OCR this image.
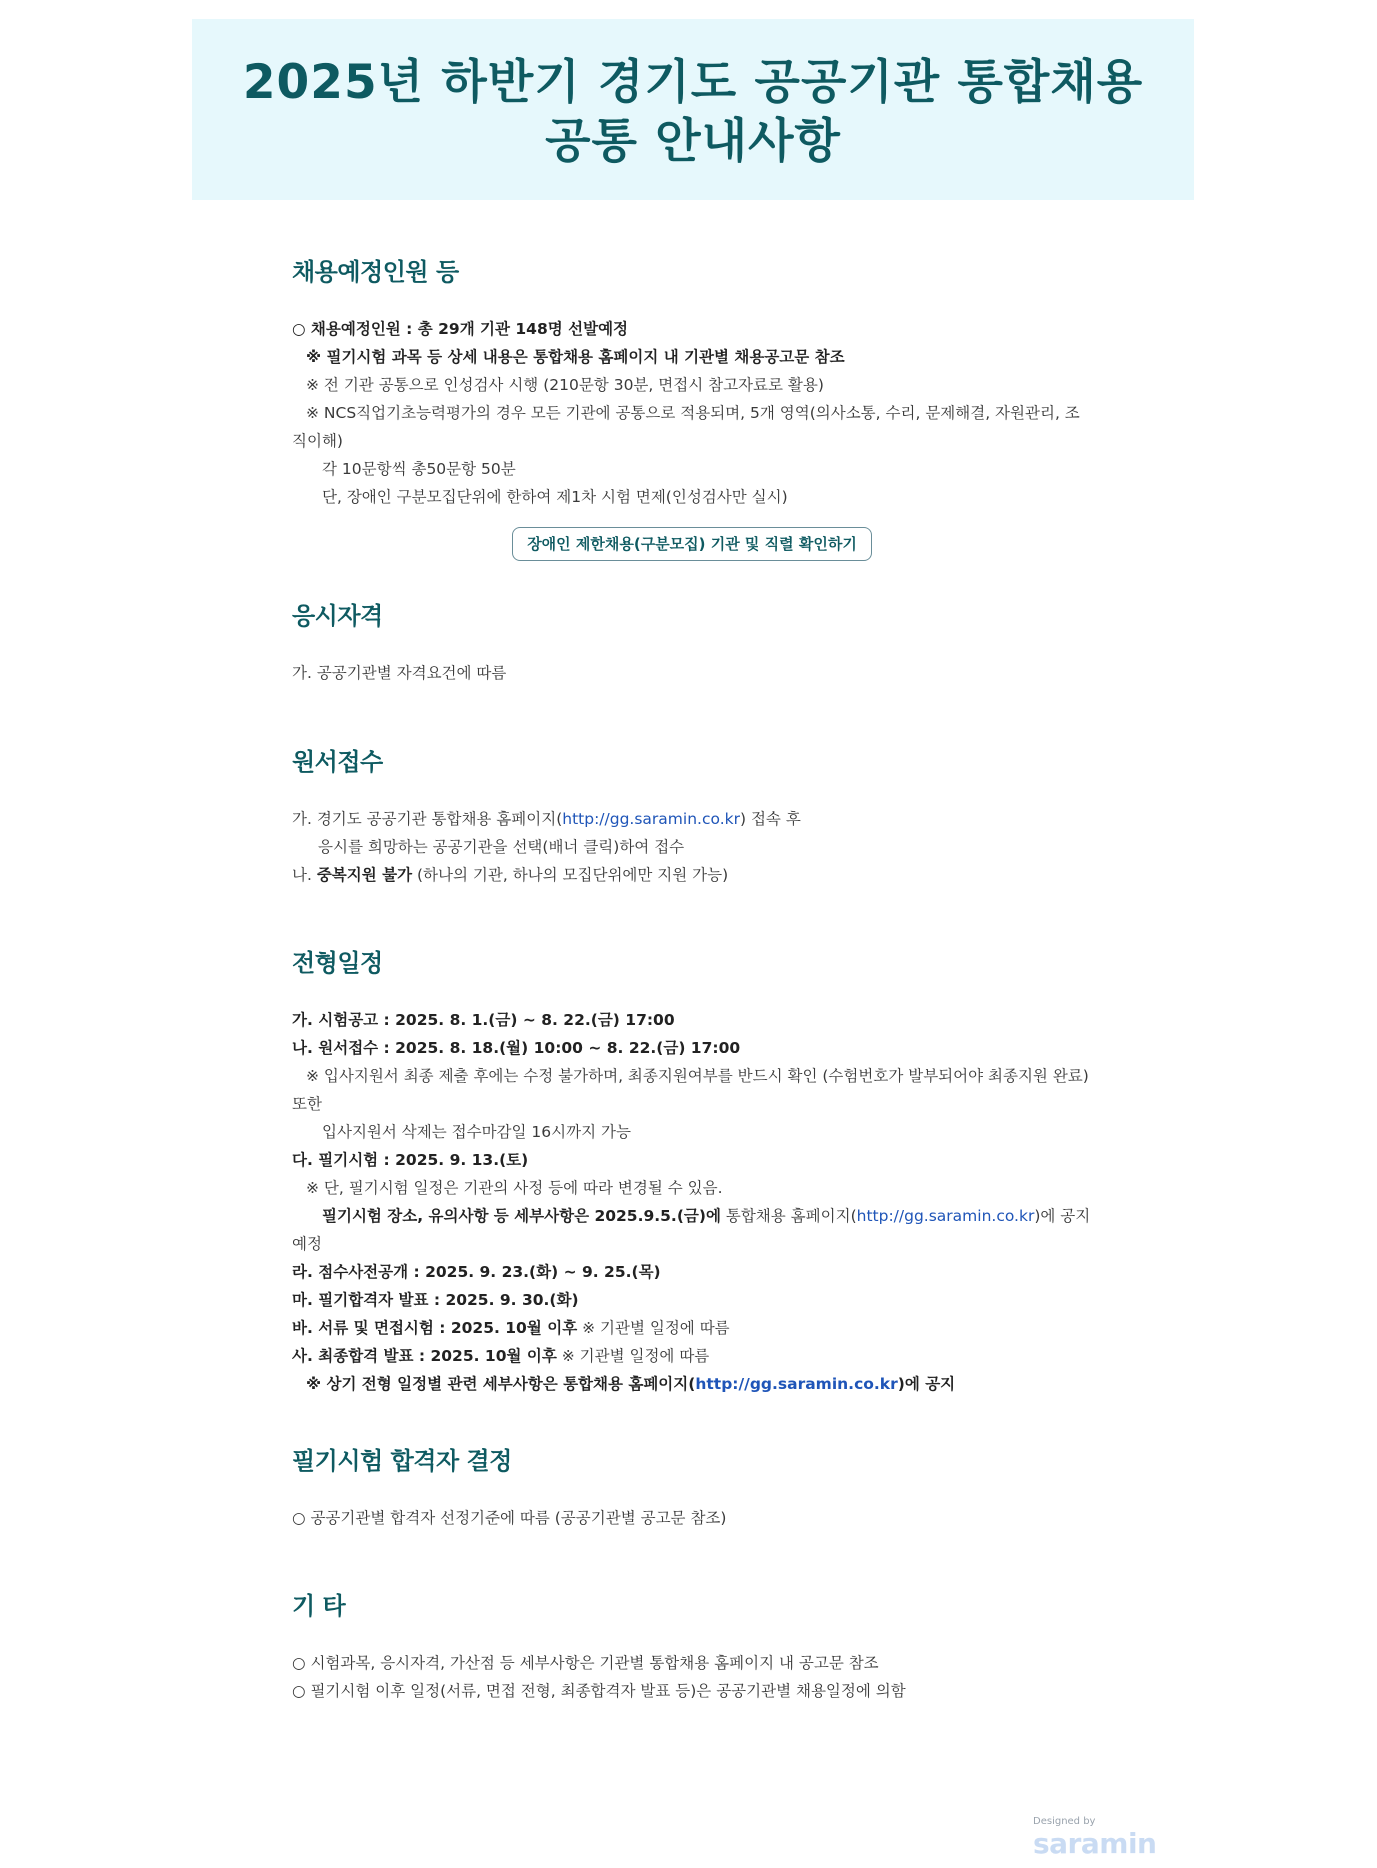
2025년 하반기 경기도 공공기관 통합채용
공통 안내사항
채용예정인원 등
○ 채용예정인원 : 총 29개 기관 148명 선발예정
※ 필기시험 과목 등 상세 내용은 통합채용 홈페이지 내 기관별 채용공고문 참조
※ 전 기관 공통으로 인성검사 시행 (210문항 30분, 면접시 참고자료로 활용)
※ NCS직업기초능력평가의 경우 모든 기관에 공통으로 적용되며, 5개 영역(의사소통, 수리, 문제해결, 자원관리, 조직이해)
각 10문항씩 총50문항 50분
단, 장애인 구분모집단위에 한하여 제1차 시험 면제(인성검사만 실시)
장애인 제한채용(구분모집) 기관 및 직렬 확인하기
응시자격
가. 공공기관별 자격요건에 따름
원서접수
가. 경기도 공공기관 통합채용 홈페이지(http://gg.saramin.co.kr) 접속 후
응시를 희망하는 공공기관을 선택(배너 클릭)하여 접수
나. 중복지원 불가 (하나의 기관, 하나의 모집단위에만 지원 가능)
전형일정
가. 시험공고 : 2025. 8. 1.(금) ~ 8. 22.(금) 17:00
나. 원서접수 : 2025. 8. 18.(월) 10:00 ~ 8. 22.(금) 17:00
※ 입사지원서 최종 제출 후에는 수정 불가하며, 최종지원여부를 반드시 확인 (수험번호가 발부되어야 최종지원 완료) 또한
입사지원서 삭제는 접수마감일 16시까지 가능
다. 필기시험 : 2025. 9. 13.(토)
※ 단, 필기시험 일정은 기관의 사정 등에 따라 변경될 수 있음.
필기시험 장소, 유의사항 등 세부사항은 2025.9.5.(금)에 통합채용 홈페이지(http://gg.saramin.co.kr)에 공지예정
라. 점수사전공개 : 2025. 9. 23.(화) ~ 9. 25.(목)
마. 필기합격자 발표 : 2025. 9. 30.(화)
바. 서류 및 면접시험 : 2025. 10월 이후 ※ 기관별 일정에 따름
사. 최종합격 발표 : 2025. 10월 이후 ※ 기관별 일정에 따름
※ 상기 전형 일정별 관련 세부사항은 통합채용 홈페이지(http://gg.saramin.co.kr)에 공지
필기시험 합격자 결정
○ 공공기관별 합격자 선정기준에 따름 (공공기관별 공고문 참조)
기 타
○ 시험과목, 응시자격, 가산점 등 세부사항은 기관별 통합채용 홈페이지 내 공고문 참조
○ 필기시험 이후 일정(서류, 면접 전형, 최종합격자 발표 등)은 공공기관별 채용일정에 의함
Designed by
saramin
